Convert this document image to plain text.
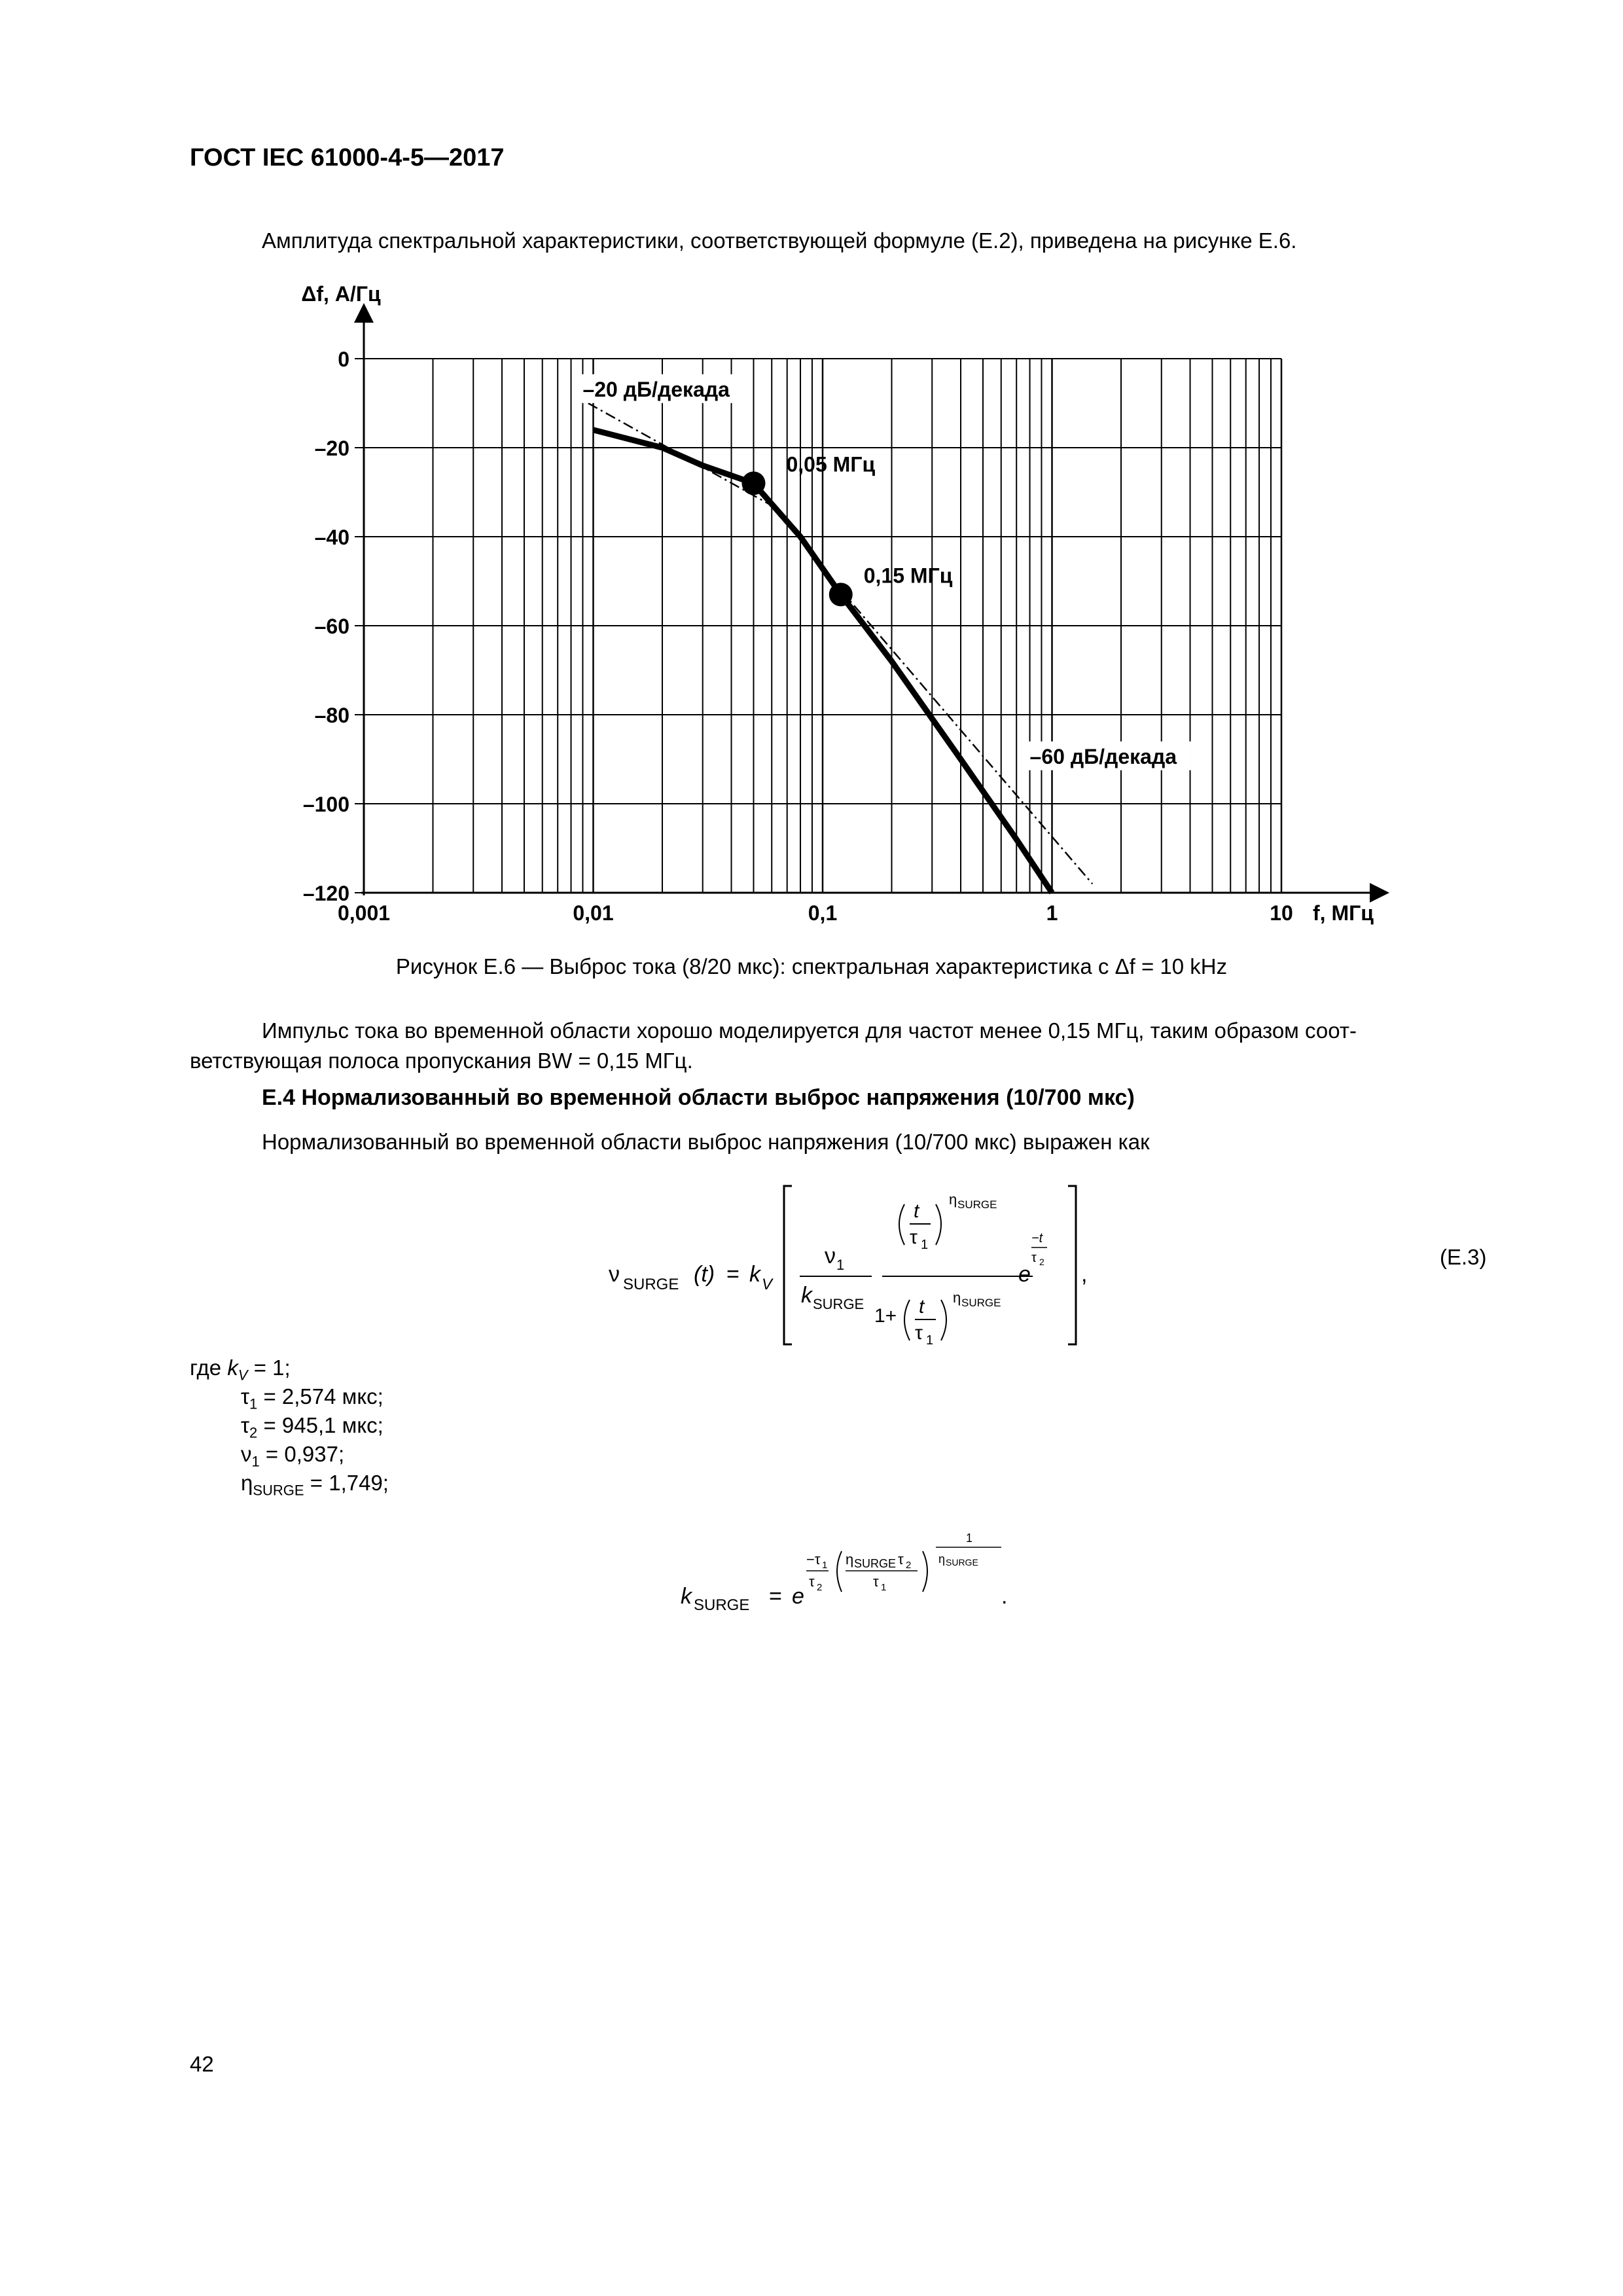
ГОСТ IEC 61000-4-5—2017
Амплитуда спектральной характеристики, соответствующей формуле (Е.2), приведена на рисунке Е.6.
0
–20
–40
–60
–80
–100
–120
0,001	0,01	0,1	1	10
Δf, А/Гц
f, МГц
0,05 МГц
0,15 МГц
–20 дБ/декада
–60 дБ/декада
Рисунок Е.6 — Выброс тока (8/20 мкс): спектральная характеристика с Δf = 10 kHz
Импульс тока во временной области хорошо моделируется для частот менее 0,15 МГц, таким образом соот-
ветствующая полоса пропускания BW = 0,15 МГц.
Е.4 Нормализованный во временной области выброс напряжения (10/700 мкс)
Нормализованный во временной области выброс напряжения (10/700 мкс) выражен как
ν SURGE (t) = k V
ν 1
k SURGE
t
τ 1
η SURGE
1+ t
τ 1
η SURGE
e
−t
τ 2 ,
(E.3)
где $k_V = 1$;
$\tau_1 = 2,574$ мкс;
$\tau_2 = 945,1$ мкс;
$\nu_1 = 0,937$;
$\eta_{SURGE} = 1,749$;
k SURGE = e
−τ 1
τ 2
η SURGE τ 2
τ 1
1
η SURGE
.
42
